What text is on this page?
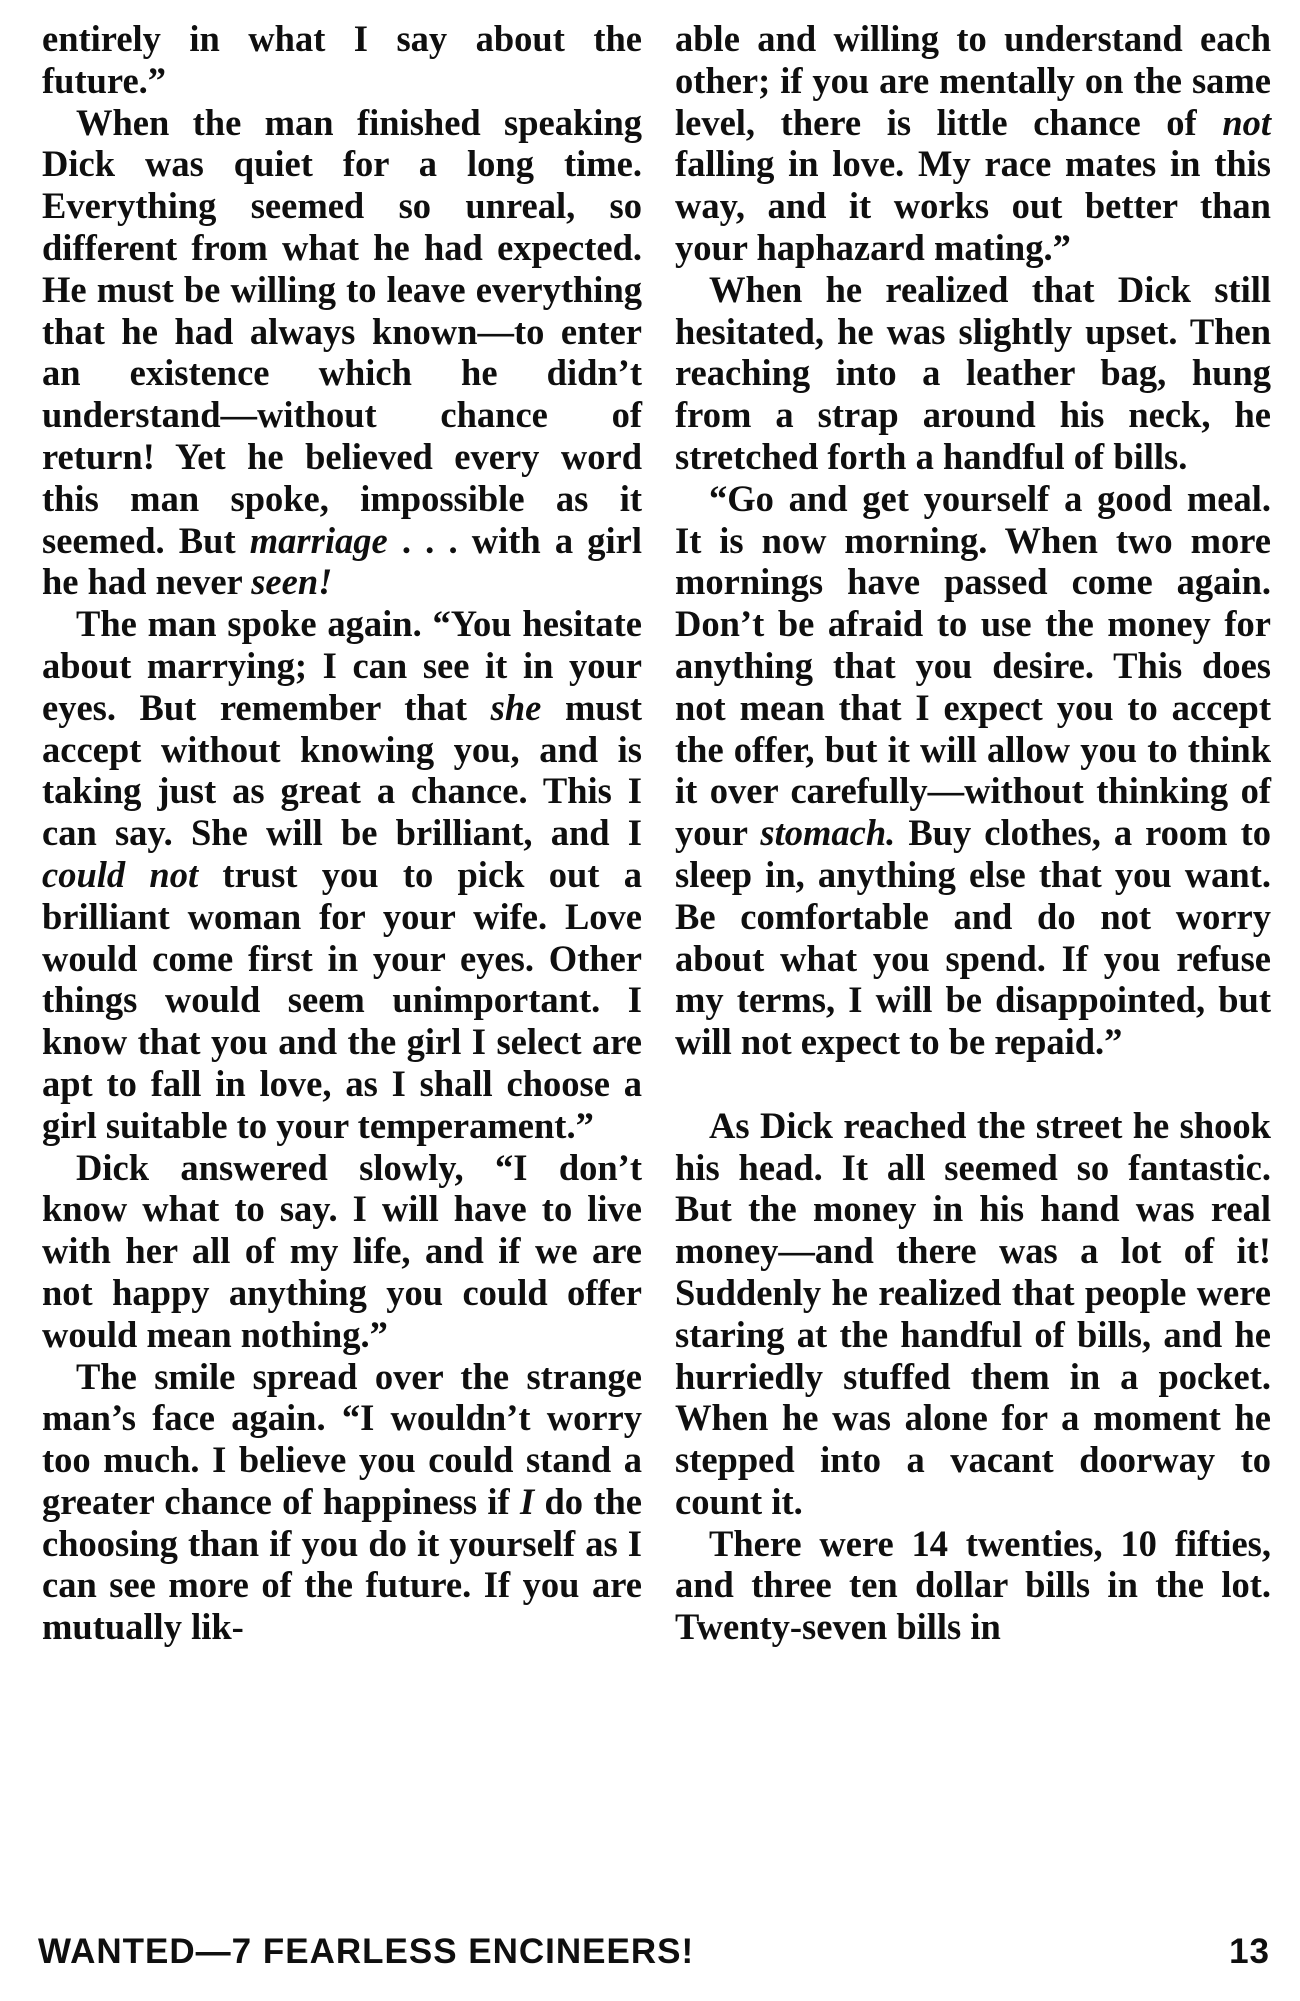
entirely in what I say about the future.”

When the man finished speaking Dick was quiet for a long time. Everything seemed so unreal, so different from what he had expected. He must be willing to leave everything that he had always known—to enter an existence which he didn’t understand—without chance of return! Yet he believed every word this man spoke, impossible as it seemed. But marriage . . . with a girl he had never seen!

The man spoke again. “You hesitate about marrying; I can see it in your eyes. But remember that she must accept without knowing you, and is taking just as great a chance. This I can say. She will be brilliant, and I could not trust you to pick out a brilliant woman for your wife. Love would come first in your eyes. Other things would seem unimportant. I know that you and the girl I select are apt to fall in love, as I shall choose a girl suitable to your temperament.”

Dick answered slowly, “I don’t know what to say. I will have to live with her all of my life, and if we are not happy anything you could offer would mean nothing.”

The smile spread over the strange man’s face again. “I wouldn’t worry too much. I believe you could stand a greater chance of happiness if I do the choosing than if you do it yourself as I can see more of the future. If you are mutually lik-

able and willing to understand each other; if you are mentally on the same level, there is little chance of not falling in love. My race mates in this way, and it works out better than your haphazard mating.”

When he realized that Dick still hesitated, he was slightly upset. Then reaching into a leather bag, hung from a strap around his neck, he stretched forth a handful of bills.

“Go and get yourself a good meal. It is now morning. When two more mornings have passed come again. Don’t be afraid to use the money for anything that you desire. This does not mean that I expect you to accept the offer, but it will allow you to think it over carefully—without thinking of your stomach. Buy clothes, a room to sleep in, anything else that you want. Be comfortable and do not worry about what you spend. If you refuse my terms, I will be disappointed, but will not expect to be repaid.”

As Dick reached the street he shook his head. It all seemed so fantastic. But the money in his hand was real money—and there was a lot of it! Suddenly he realized that people were staring at the handful of bills, and he hurriedly stuffed them in a pocket. When he was alone for a moment he stepped into a vacant doorway to count it.

There were 14 twenties, 10 fifties, and three ten dollar bills in the lot. Twenty-seven bills in

WANTED—7 FEARLESS ENCINEERS!	13
